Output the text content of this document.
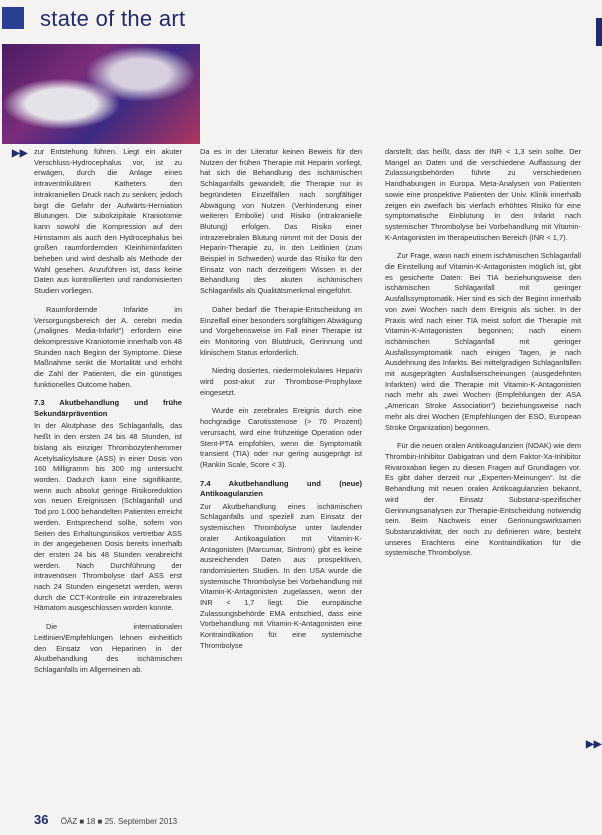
state of the art
▶▶
▶▶

zur Entstehung führen. Liegt ein akuter Verschluss-Hydrocephalus vor, ist zu erwägen, durch die Anlage eines intraventrikulären Katheters den intrakraniellen Druck nach zu senken; jedoch birgt die Gefahr der Aufwärts-Herniation Blutungen. Die subokzipitale Kraniotomie kann sowohl die Kompression auf den Hirnstamm als auch den Hydrocephalus bei großen raumfordernden Kleinhirninfarkten beheben und wird deshalb als Methode der Wahl gesehen. Anzuführen ist, dass keine Daten aus kontrollierten und randomisierten Studien vorliegen.

Raumfordernde Infarkte im Versorgungsbereich der A. cerebri media („malignes Media-Infarkt“) erfordern eine dekompressive Kraniotomie innerhalb von 48 Stunden nach Beginn der Symptome. Diese Maßnahme senkt die Mortalität und erhöht die Zahl der Patienten, die ein günstiges funktionelles Outcome haben.

7.3 Akutbehandlung und frühe Sekundärprävention

In der Akutphase des Schlaganfalls, das heißt in den ersten 24 bis 48 Stunden, ist bislang als einziger Thrombozytenhemmer Acetylsalicylsäure (ASS) in einer Dosis von 160 Milligramm bis 300 mg untersucht worden. Dadurch kann eine signifikante, wenn auch absolut geringe Risikoreduktion von neuen Ereignissen (Schlaganfall und Tod pro 1.000 behandelten Patienten erreicht werden. Entsprechend sollte, sofern von Seiten des Erhaltungsrisikos vertretbar ASS in der angegebenen Dosis bereits innerhalb der ersten 24 bis 48 Stunden verabreicht werden. Nach Durchführung der intravenösen Thrombolyse darf ASS erst nach 24 Stunden eingesetzt werden, wenn durch die CCT-Kontrolle ein intrazerebrales Hämatom ausgeschlossen worden konnte.

Die internationalen Leitlinien/Empfehlungen lehnen einheitlich den Einsatz von Heparinen in der Akutbehandlung des ischämischen Schlaganfalls im Allgemeinen ab.

Da es in der Literatur keinen Beweis für den Nutzen der frühen Therapie mit Heparin vorliegt, hat sich die Behandlung des ischämischen Schlaganfalls gewandelt; die Therapie nur in begründeten Einzelfällen nach sorgfältiger Abwägung von Nutzen (Verhinderung einer weiteren Embolie) und Risiko (intrakranielle Blutung) erfolgen. Das Risiko einer intrazerebralen Blutung nimmt mit der Dosis der Heparin-Therapie zu, in den Leitlinien (zum Beispiel in Schweden) wurde das Risiko für den Einsatz von nach derzeitigem Wissen in der Behandlung des akuten ischämischen Schlaganfalls als Qualitätsmerkmal eingeführt.

Daher bedarf die Therapie-Entscheidung im Einzelfall einer besonders sorgfältigen Abwägung und Vorgehensweise im Fall einer Therapie ist ein Monitoring von Blutdruck, Gerinnung und klinischem Status erforderlich.

Niedrig dosiertes, niedermolekulares Heparin wird post-akut zur Thrombose-Prophylaxe eingesetzt.

Wurde ein zerebrales Ereignis durch eine hochgradige Carotisstenose (> 70 Prozent) verursacht, wird eine frühzeitige Operation oder Stent-PTA empfohlen, wenn die Symptomatik transient (TIA) oder nur gering ausgeprägt ist (Rankin Scale, Score < 3).

7.4 Akutbehandlung und (neue) Antikoagulanzien

Zur Akutbehandlung eines ischämischen Schlaganfalls und speziell zum Einsatz der systemischen Thrombolyse unter laufender oraler Antikoagulation mit Vitamin-K-Antagonisten (Marcumar, Sintrom) gibt es keine ausreichenden Daten aus prospektiven, randomisierten Studien. In den USA wurde die systemische Thrombolyse bei Vorbehandlung mit Vitamin-K-Antagonisten zugelassen, wenn der INR < 1,7 liegt. Die europäische Zulassungsbehörde EMA entschied, dass eine Vorbehandlung mit Vitamin-K-Antagonisten eine Kontraindikation für eine systemische Thrombolyse

darstellt; das heißt, dass der INR < 1,3 sein sollte. Der Mangel an Daten und die verschiedene Auffassung der Zulassungsbehörden führte zu verschiedenen Handhabungen in Europa. Meta-Analysen von Patienten sowie eine prospektive Patienten der Univ. Klinik innerhalb zeigen ein zweifach bis vierfach erhöhtes Risiko für eine symptomatische Einblutung in den Infarkt nach systemischer Thrombolyse bei Vorbehandlung mit Vitamin-K-Antagonisten im therapeutischen Bereich (INR < 1,7).

Zur Frage, wann nach einem ischämischen Schlaganfall die Einstellung auf Vitamin-K-Antagonisten möglich ist, gibt es gesicherte Daten: Bei TIA beziehungsweise den ischämischen Schlaganfall mit geringer Ausfallssymptomatik. Hier sind es sich der Beginn innerhalb von zwei Wochen nach dem Ereignis als sicher. In der Praxis wird nach einer TIA meist sofort die Therapie mit Vitamin-K-Antagonisten begonnen; nach einem ischämischen Schlaganfall mit geringer Ausfallssymptomatik nach einigen Tagen, je nach Ausdehnung des Infarkts. Bei mittelgradigen Schlaganfällen mit ausgeprägten Ausfallserscheinungen (ausgedehnten Infarkten) wird die Therapie mit Vitamin-K-Antagonisten nach mehr als zwei Wochen (Empfehlungen der ASA „American Stroke Association“) beziehungsweise nach mehr als drei Wochen (Empfehlungen der ESO, European Stroke Organization) begonnen.

Für die neuen oralen Antikoagulanzien (NOAK) wie dem Thrombin-Inhibitor Dabigatran und dem Faktor-Xa-Inhibitor Rivaroxaban liegen zu diesen Fragen auf Grundlagen vor. Es gibt daher derzeit nur „Experten-Meinungen“. Ist die Behandlung mit neuen oralen Antikoagulanzien bekannt, wird der Einsatz Substanz-spezifischer Gerinnungsanalysen zur Therapie-Entscheidung notwendig sein. Beim Nachweis einer Gerinnungswirksamen Substanzaktivität, der noch zu definieren wäre, besteht unseres Erachtens eine Kontraindikation für die systemische Thrombolyse.

36 ÖÄZ ■ 18 ■ 25. September 2013
